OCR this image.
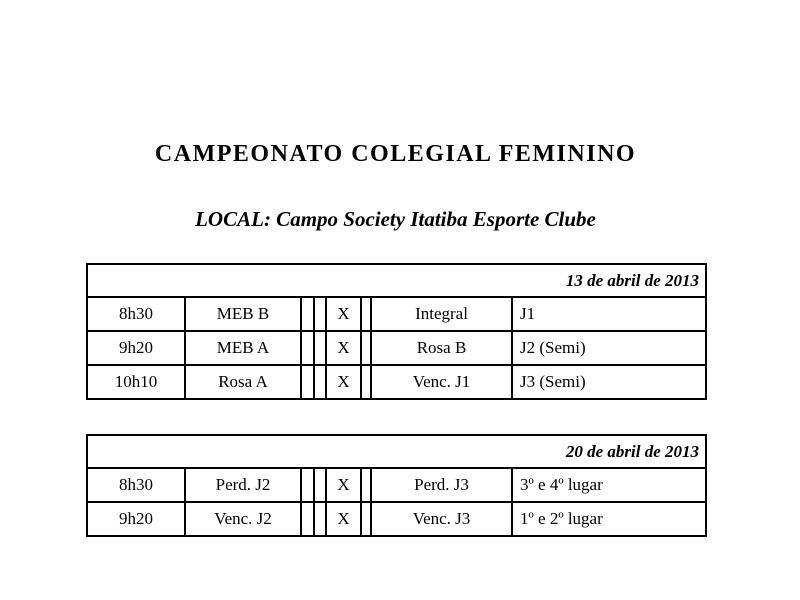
CAMPEONATO COLEGIAL FEMININO
LOCAL: Campo Society Itatiba Esporte Clube
13 de abril de 2013							
8h30	MEB B			X		Integral	J1
9h20	MEB A			X		Rosa B	J2 (Semi)
10h10	Rosa A			X		Venc. J1	J3 (Semi)
20 de abril de 2013							
8h30	Perd. J2			X		Perd. J3	3º e 4º lugar
9h20	Venc. J2			X		Venc. J3	1º e 2º lugar
